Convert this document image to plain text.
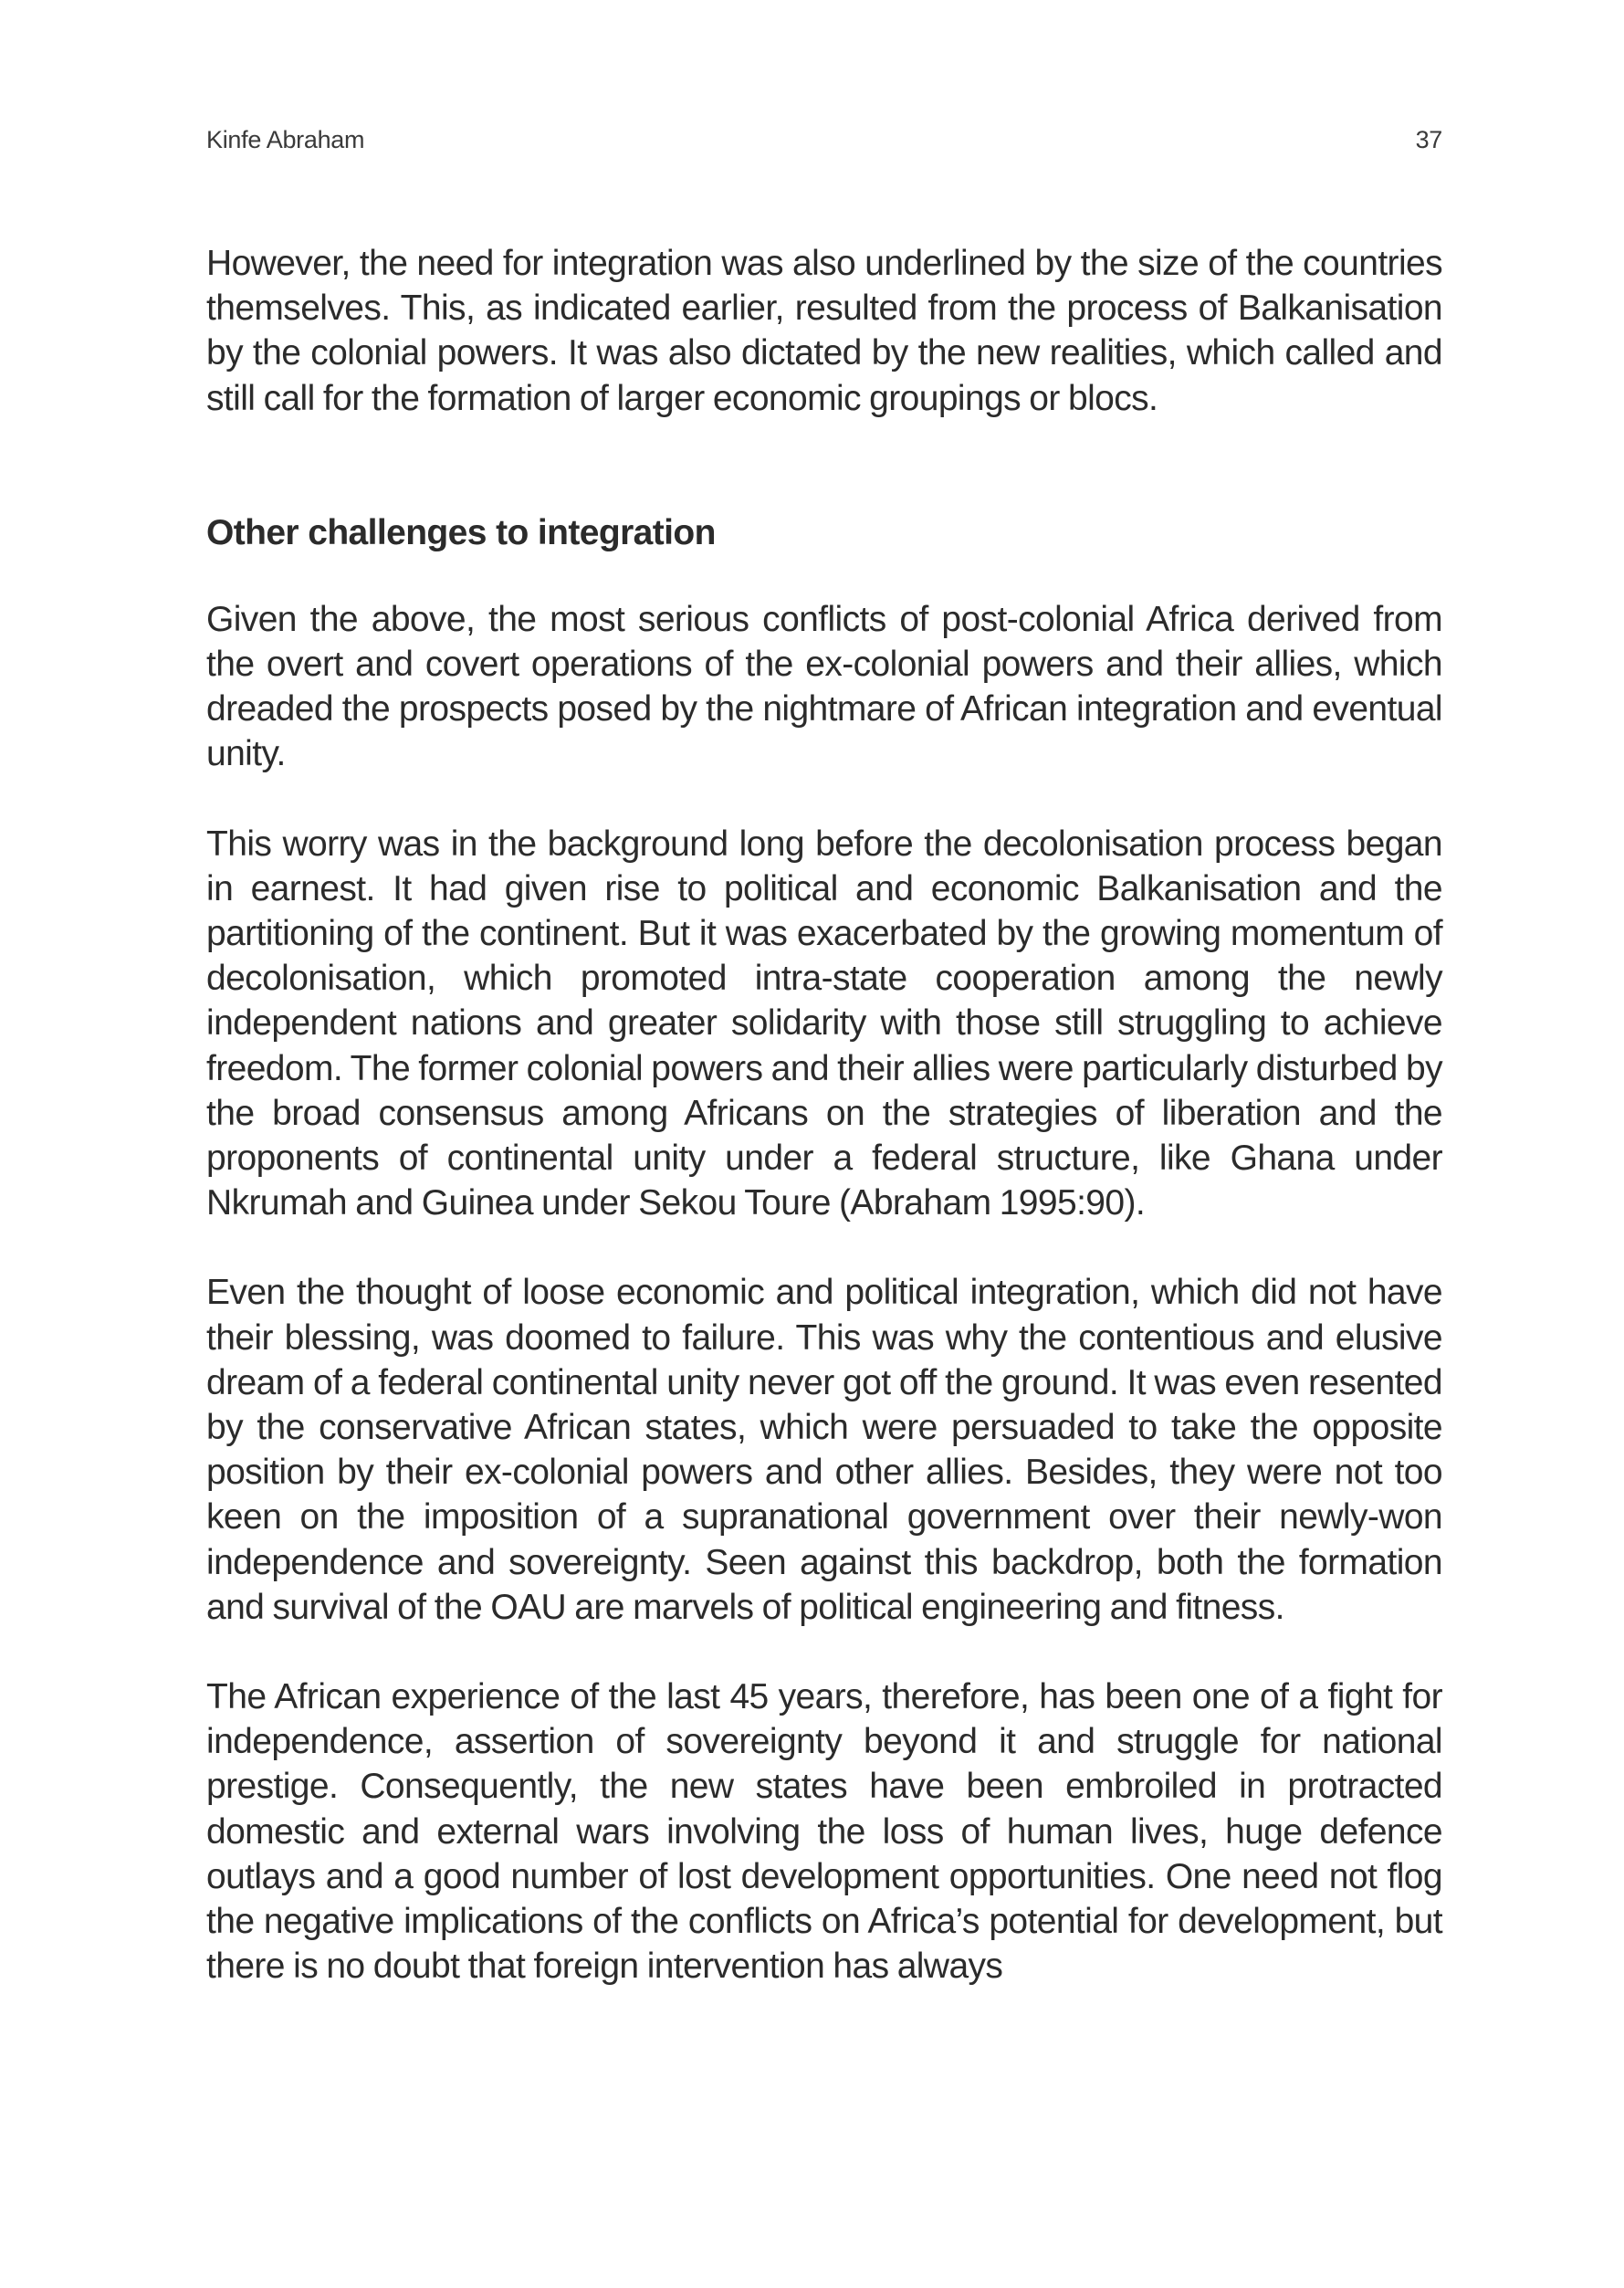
Kinfe Abraham	37

However, the need for integration was also underlined by the size of the countries themselves. This, as indicated earlier, resulted from the process of Balkanisation by the colonial powers. It was also dictated by the new realities, which called and still call for the formation of larger economic groupings or blocs.

Other challenges to integration

Given the above, the most serious conflicts of post-colonial Africa derived from the overt and covert operations of the ex-colonial powers and their allies, which dreaded the prospects posed by the nightmare of African integration and eventual unity.

This worry was in the background long before the decolonisation process began in earnest. It had given rise to political and economic Balkanisation and the partitioning of the continent. But it was exacerbated by the growing momentum of decolonisation, which promoted intra-state cooperation among the newly independent nations and greater solidarity with those still struggling to achieve freedom. The former colonial powers and their allies were particularly disturbed by the broad consensus among Africans on the strategies of liberation and the proponents of continental unity under a federal structure, like Ghana under Nkrumah and Guinea under Sekou Toure (Abraham 1995:90).

Even the thought of loose economic and political integration, which did not have their blessing, was doomed to failure. This was why the contentious and elusive dream of a federal continental unity never got off the ground. It was even resented by the conservative African states, which were persuaded to take the opposite position by their ex-colonial powers and other allies. Besides, they were not too keen on the imposition of a supranational government over their newly-won independence and sovereignty. Seen against this backdrop, both the formation and survival of the OAU are marvels of political engineering and fitness.

The African experience of the last 45 years, therefore, has been one of a fight for independence, assertion of sovereignty beyond it and struggle for national prestige. Consequently, the new states have been embroiled in protracted domestic and external wars involving the loss of human lives, huge defence outlays and a good number of lost development opportunities. One need not flog the negative implications of the conflicts on Africa’s potential for development, but there is no doubt that foreign intervention has always
